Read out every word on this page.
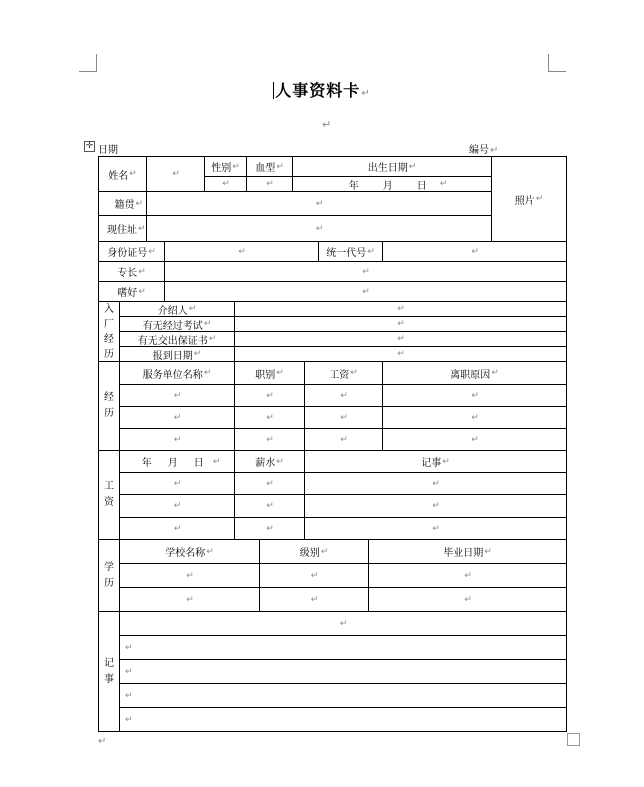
人事资料卡↵
↵
✛ 日期	编号↵
姓名 ↵	↵	性别 ↵ 血型 ↵	出生日期 ↵
↵	↵	年 月 日 ↵
照片 ↵
籍贯 ↵	↵
现住址 ↵	↵
身份证号 ↵	↵	统一代号 ↵	↵
专长 ↵	↵
嗜好 ↵	↵
入
厂
经
历
介绍人 ↵	↵
有无经过考试 ↵	↵
有无交出保证书 ↵	↵
报到日期 ↵	↵
经
历
服务单位名称 ↵	职别 ↵	工资 ↵	离职原因 ↵
↵	↵	↵	↵
↵	↵	↵	↵
↵	↵	↵	↵
工
资
年 月 日 ↵	薪水 ↵	记事 ↵
↵	↵	↵
↵	↵	↵
↵	↵	↵
学
历
学校名称 ↵	级别 ↵	毕业日期 ↵
↵	↵	↵
↵	↵	↵
记
事
↵
↵
↵
↵
↵
↵
